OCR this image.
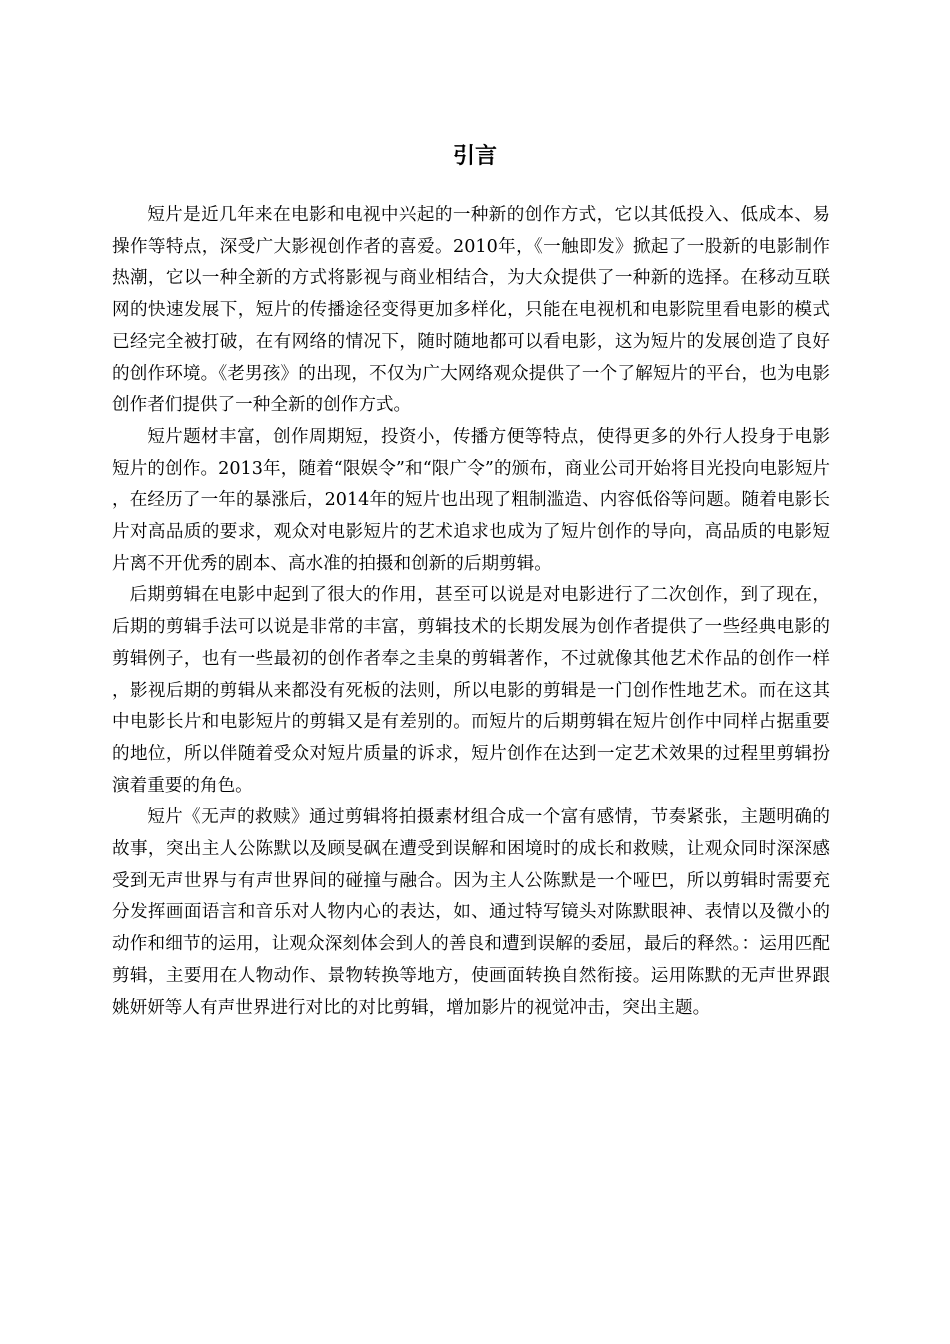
引言

短片是近几年来在电影和电视中兴起的一种新的创作方式，它以其低投入、低成本、易操作等特点，深受广大影视创作者的喜爱。2010年，《一触即发》掀起了一股新的电影制作热潮，它以一种全新的方式将影视与商业相结合，为大众提供了一种新的选择。在移动互联网的快速发展下，短片的传播途径变得更加多样化，只能在电视机和电影院里看电影的模式已经完全被打破，在有网络的情况下，随时随地都可以看电影，这为短片的发展创造了良好的创作环境。《老男孩》的出现，不仅为广大网络观众提供了一个了解短片的平台，也为电影创作者们提供了一种全新的创作方式。

短片题材丰富，创作周期短，投资小，传播方便等特点，使得更多的外行人投身于电影短片的创作。2013年，随着“限娱令”和“限广令”的颁布，商业公司开始将目光投向电影短片，在经历了一年的暴涨后，2014年的短片也出现了粗制滥造、内容低俗等问题。随着电影长片对高品质的要求，观众对电影短片的艺术追求也成为了短片创作的导向，高品质的电影短片离不开优秀的剧本、高水准的拍摄和创新的后期剪辑。

后期剪辑在电影中起到了很大的作用，甚至可以说是对电影进行了二次创作，到了现在，后期的剪辑手法可以说是非常的丰富，剪辑技术的长期发展为创作者提供了一些经典电影的剪辑例子，也有一些最初的创作者奉之圭臬的剪辑著作，不过就像其他艺术作品的创作一样，影视后期的剪辑从来都没有死板的法则，所以电影的剪辑是一门创作性地艺术。而在这其中电影长片和电影短片的剪辑又是有差别的。而短片的后期剪辑在短片创作中同样占据重要的地位，所以伴随着受众对短片质量的诉求，短片创作在达到一定艺术效果的过程里剪辑扮演着重要的角色。

短片《无声的救赎》通过剪辑将拍摄素材组合成一个富有感情，节奏紧张，主题明确的故事，突出主人公陈默以及顾旻砜在遭受到误解和困境时的成长和救赎，让观众同时深深感受到无声世界与有声世界间的碰撞与融合。因为主人公陈默是一个哑巴，所以剪辑时需要充分发挥画面语言和音乐对人物内心的表达，如、通过特写镜头对陈默眼神、表情以及微小的动作和细节的运用，让观众深刻体会到人的善良和遭到误解的委屈，最后的释然。：运用匹配剪辑，主要用在人物动作、景物转换等地方，使画面转换自然衔接。运用陈默的无声世界跟姚妍妍等人有声世界进行对比的对比剪辑，增加影片的视觉冲击，突出主题。
